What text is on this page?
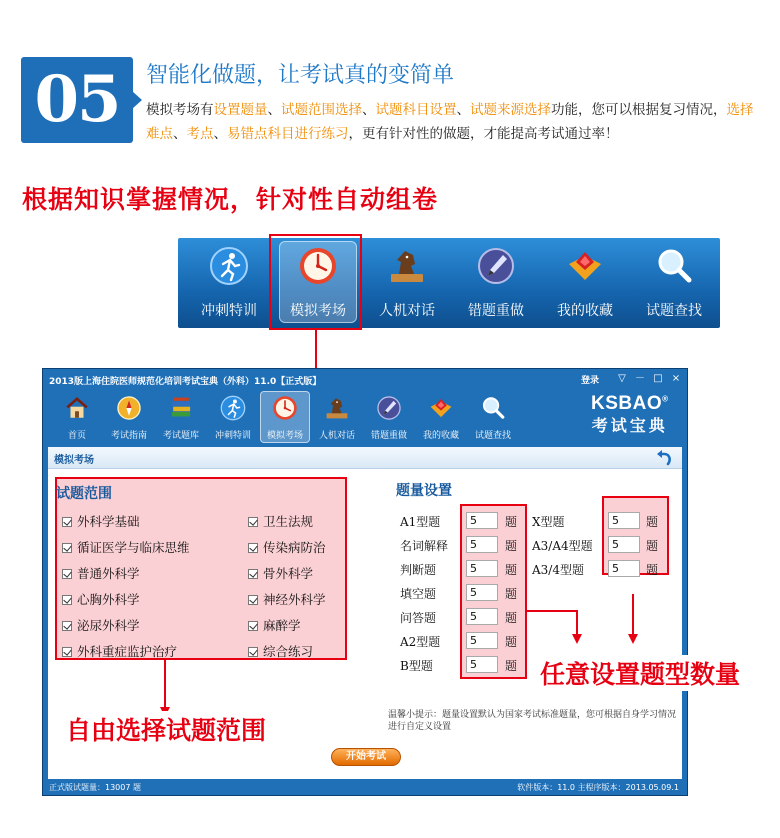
05	智能化做题，让考试真的变简单
模拟考场有设置题量、试题范围选择、试题科目设置、试题来源选择功能，您可以根据复习情况，选择难点、考点、易错点科目进行练习，更有针对性的做题，才能提高考试通过率！
根据知识掌握情况，针对性自动组卷
冲刺特训	模拟考场	人机对话	错题重做	我的收藏	试题查找
2013版上海住院医师规范化培训考试宝典（外科）11.0【正式版】	登录	▽ － □ ×
首页	考试指南	考试题库	冲刺特训	模拟考场	人机对话	错题重做	我的收藏	试题查找
KSBAO®
考试宝典
模拟考场
试题范围
外科学基础
循证医学与临床思维
普通外科学
心胸外科学
泌尿外科学
外科重症监护治疗
卫生法规
传染病防治
骨外科学
神经外科学
麻醉学
综合练习
题量设置
A1型题	5	题
名词解释	5	题
判断题	5	题
填空题	5	题
问答题	5	题
A2型题	5	题
B型题	5	题
X型题	5	题
A3/A4型题	5	题
A3/4型题	5	题
温馨小提示：题量设置默认为国家考试标准题量，您可根据自身学习情况进行自定义设置
开始考试
正式版试题量：13007 题	软件版本：11.0 主程序版本：2013.05.09.1
自由选择试题范围
任意设置题型数量
